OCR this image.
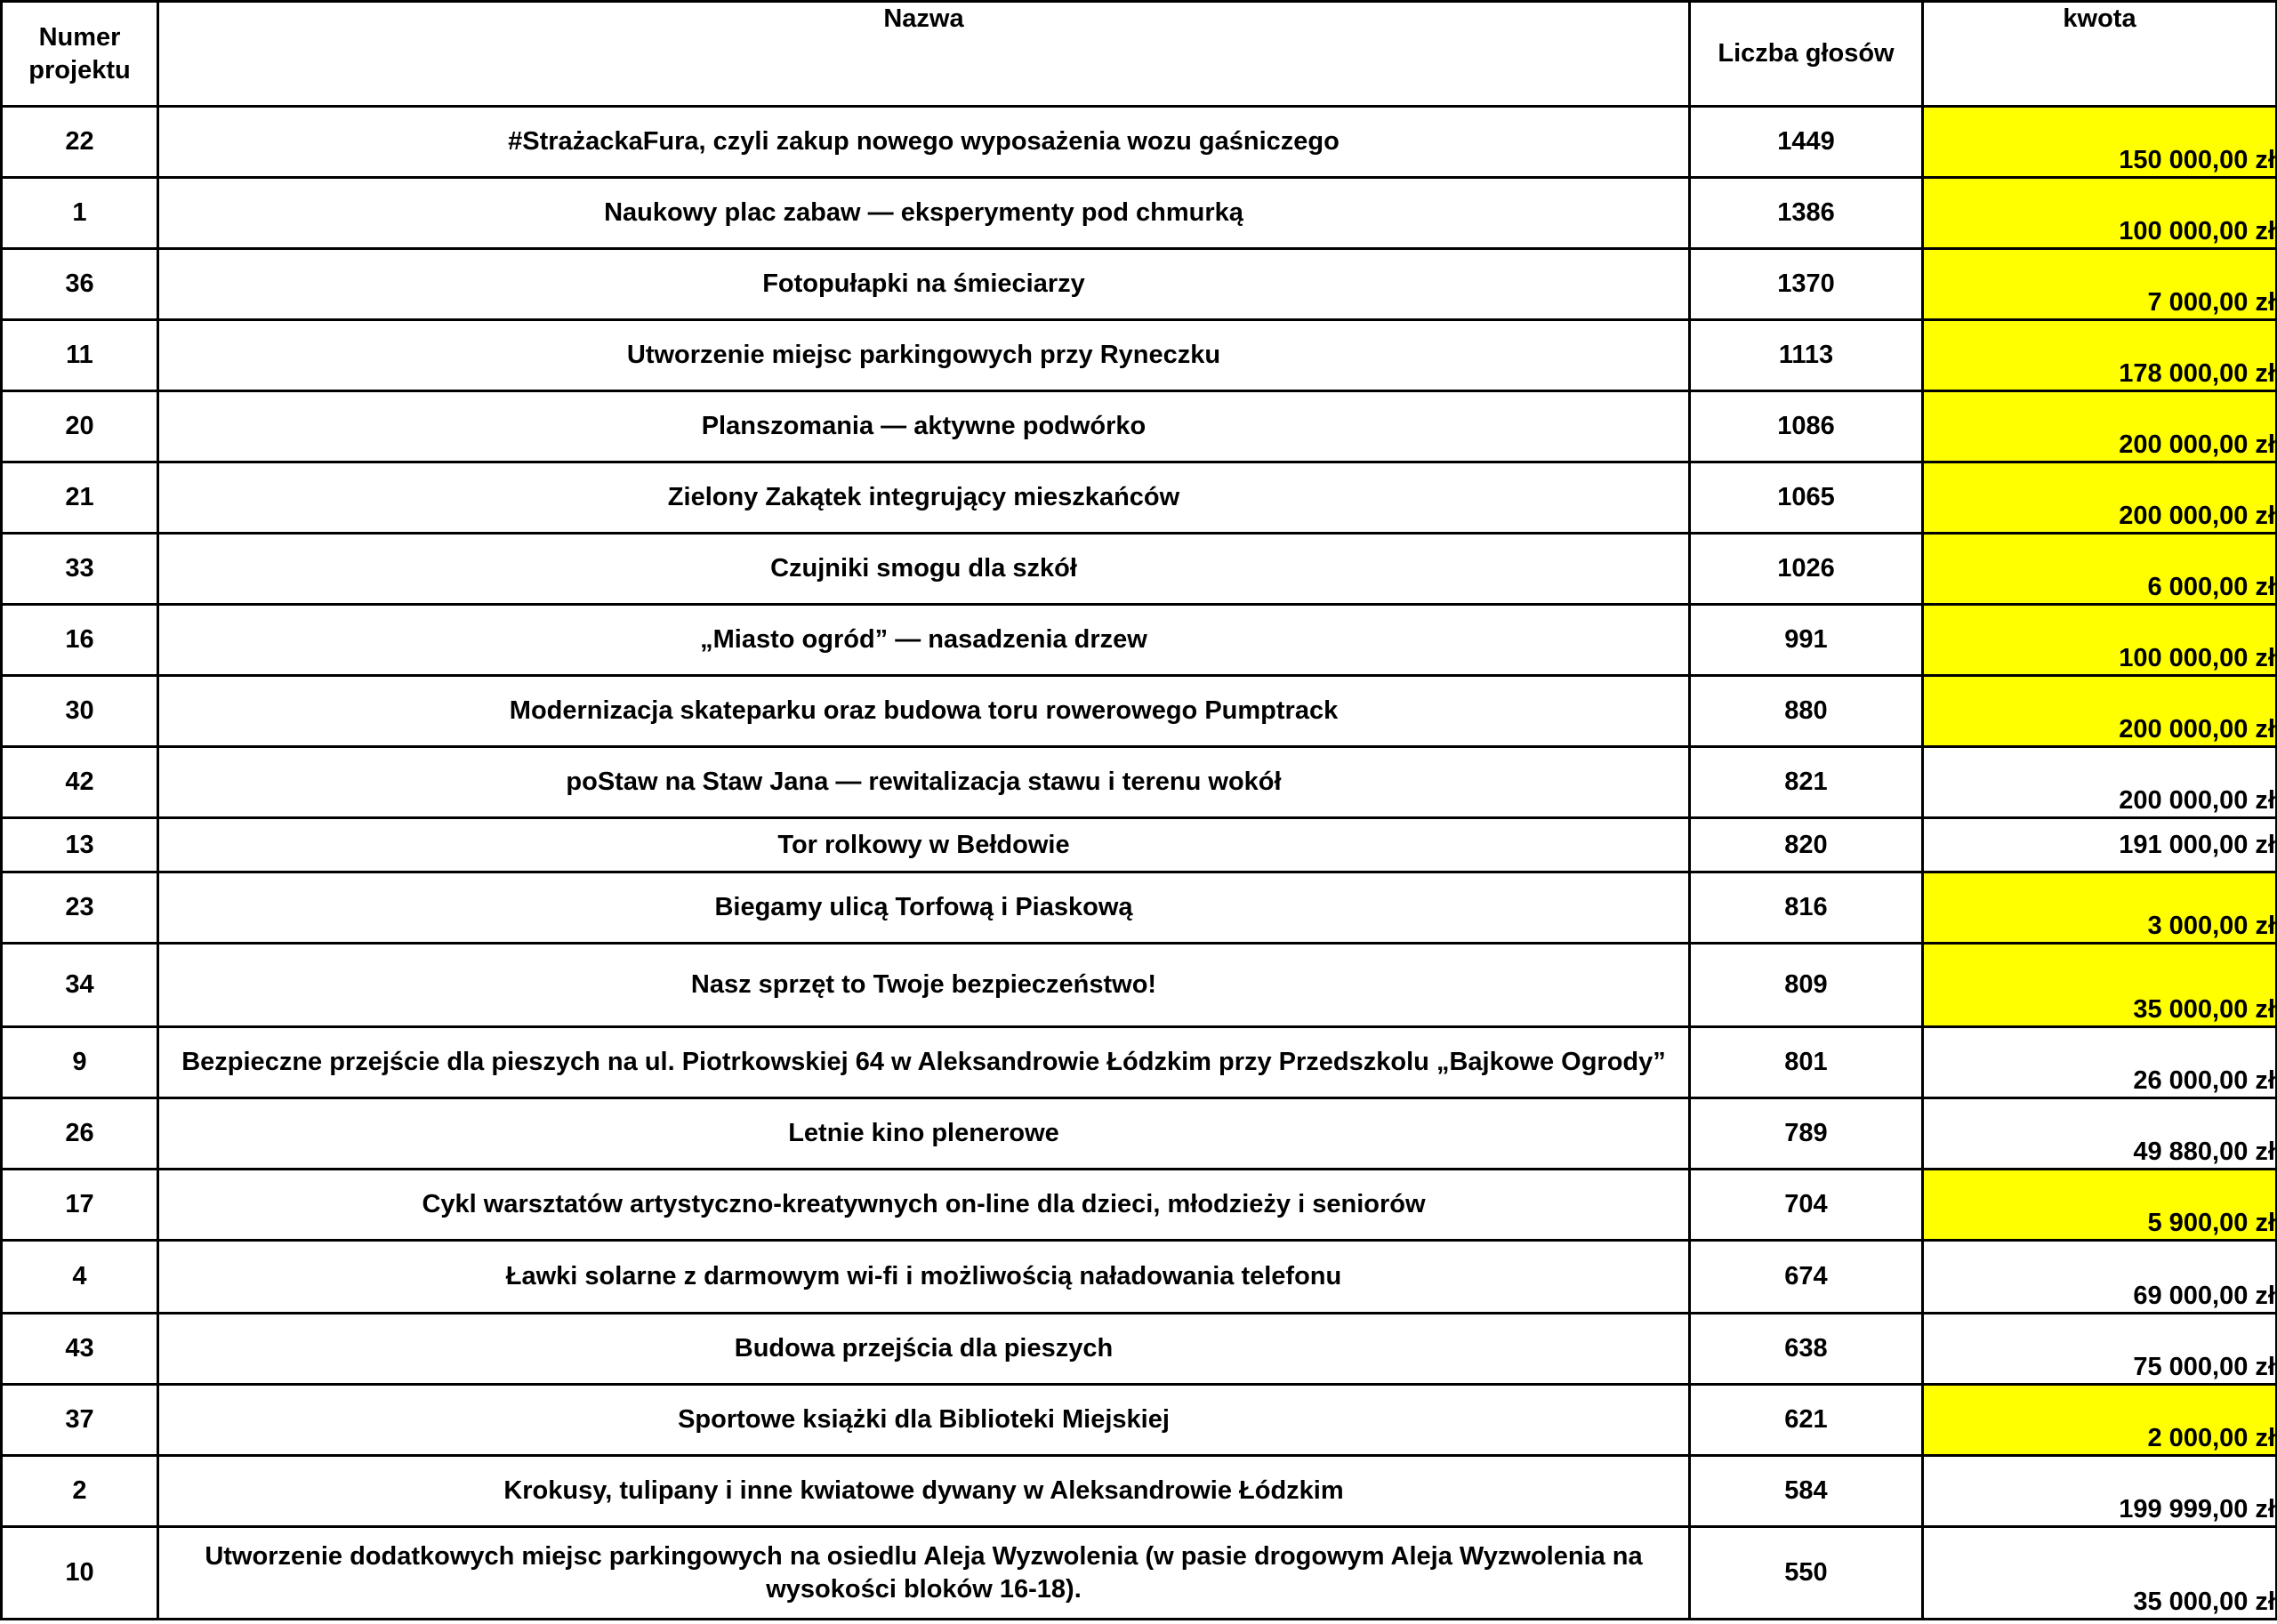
Numer projektu	Nazwa	Liczba głosów	kwota
22	#StrażackaFura, czyli zakup nowego wyposażenia wozu gaśniczego	1449	150 000,00 zł
1	Naukowy plac zabaw — eksperymenty pod chmurką	1386	100 000,00 zł
36	Fotopułapki na śmieciarzy	1370	7 000,00 zł
11	Utworzenie miejsc parkingowych przy Ryneczku	1113	178 000,00 zł
20	Planszomania — aktywne podwórko	1086	200 000,00 zł
21	Zielony Zakątek integrujący mieszkańców	1065	200 000,00 zł
33	Czujniki smogu dla szkół	1026	6 000,00 zł
16	„Miasto ogród” — nasadzenia drzew	991	100 000,00 zł
30	Modernizacja skateparku oraz budowa toru rowerowego Pumptrack	880	200 000,00 zł
42	poStaw na Staw Jana — rewitalizacja stawu i terenu wokół	821	200 000,00 zł
13	Tor rolkowy w Bełdowie	820	191 000,00 zł
23	Biegamy ulicą Torfową i Piaskową	816	3 000,00 zł
34	Nasz sprzęt to Twoje bezpieczeństwo!	809	35 000,00 zł
9	Bezpieczne przejście dla pieszych na ul. Piotrkowskiej 64 w Aleksandrowie Łódzkim przy Przedszkolu „Bajkowe Ogrody”	801	26 000,00 zł
26	Letnie kino plenerowe	789	49 880,00 zł
17	Cykl warsztatów artystyczno-kreatywnych on-line dla dzieci, młodzieży i seniorów	704	5 900,00 zł
4	Ławki solarne z darmowym wi-fi i możliwością naładowania telefonu	674	69 000,00 zł
43	Budowa przejścia dla pieszych	638	75 000,00 zł
37	Sportowe książki dla Biblioteki Miejskiej	621	2 000,00 zł
2	Krokusy, tulipany i inne kwiatowe dywany w Aleksandrowie Łódzkim	584	199 999,00 zł
10	Utworzenie dodatkowych miejsc parkingowych na osiedlu Aleja Wyzwolenia (w pasie drogowym Aleja Wyzwolenia na wysokości bloków 16-18).	550	35 000,00 zł
